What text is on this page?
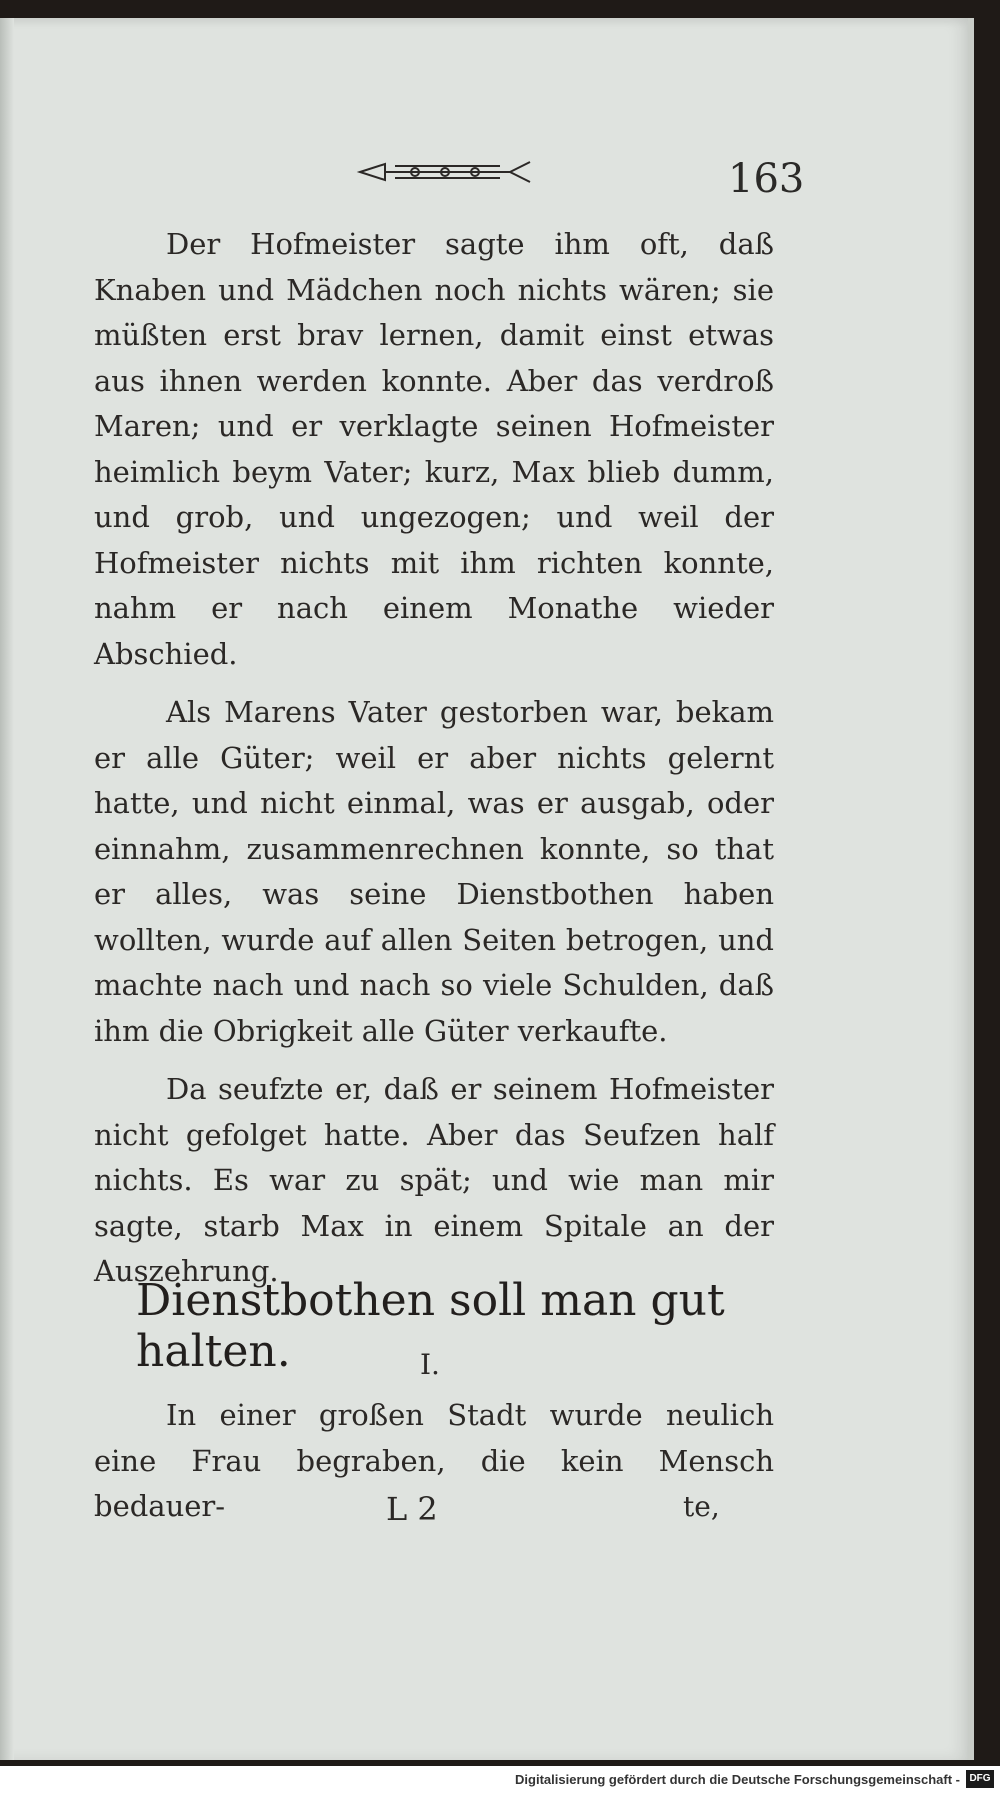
163

Der Hofmeister sagte ihm oft, daß Knaben und Mädchen noch nichts wären; sie müßten erst brav lernen, damit einst etwas aus ihnen werden konnte. Aber das verdroß Maren; und er verklagte seinen Hofmeister heimlich beym Vater; kurz, Max blieb dumm, und grob, und ungezogen; und weil der Hofmeister nichts mit ihm richten konnte, nahm er nach einem Monathe wieder Abschied.

Als Marens Vater gestorben war, bekam er alle Güter; weil er aber nichts gelernt hatte, und nicht einmal, was er ausgab, oder einnahm, zusammenrechnen konnte, so that er alles, was seine Dienstbothen haben wollten, wurde auf allen Seiten betrogen, und machte nach und nach so viele Schulden, daß ihm die Obrigkeit alle Güter verkaufte.

Da seufzte er, daß er seinem Hofmeister nicht gefolget hatte. Aber das Seufzen half nichts. Es war zu spät; und wie man mir sagte, starb Max in einem Spitale an der Auszehrung.

Dienstbothen soll man gut halten.	I.

In einer großen Stadt wurde neulich eine Frau begraben, die kein Mensch bedauer-	L 2	te,
Digitalisierung gefördert durch die Deutsche Forschungsgemeinschaft - DFG
